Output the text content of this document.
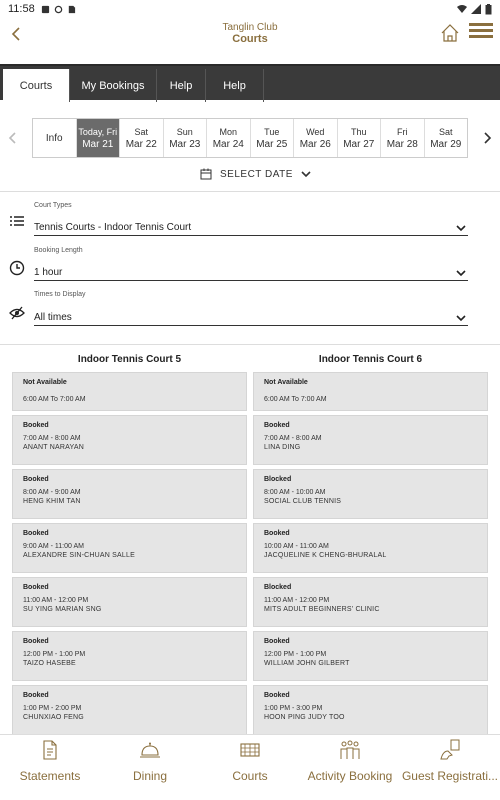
11:58
Tanglin Club
Courts
Courts	My Bookings	Help	Help
Info
Today, Fri
Mar 21
Sat
Mar 22
Sun
Mar 23
Mon
Mar 24
Tue
Mar 25
Wed
Mar 26
Thu
Mar 27
Fri
Mar 28
Sat
Mar 29
SELECT DATE
Court Types
Tennis Courts - Indoor Tennis Court
Booking Length
1 hour
Times to Display
All times
Indoor Tennis Court 5	Indoor Tennis Court 6
Not Available
6:00 AM To 7:00 AM
Booked
7:00 AM - 8:00 AM
ANANT NARAYAN
Booked
8:00 AM - 9:00 AM
HENG KHIM TAN
Booked
9:00 AM - 11:00 AM
ALEXANDRE SIN-CHUAN SALLE
Booked
11:00 AM - 12:00 PM
SU YING MARIAN SNG
Booked
12:00 PM - 1:00 PM
TAIZO HASEBE
Booked
1:00 PM - 2:00 PM
CHUNXIAO FENG
Not Available
6:00 AM To 7:00 AM
Booked
7:00 AM - 8:00 AM
LINA DING
Blocked
8:00 AM - 10:00 AM
SOCIAL CLUB TENNIS
Booked
10:00 AM - 11:00 AM
JACQUELINE K CHENG-BHURALAL
Blocked
11:00 AM - 12:00 PM
MITS ADULT BEGINNERS' CLINIC
Booked
12:00 PM - 1:00 PM
WILLIAM JOHN GILBERT
Booked
1:00 PM - 3:00 PM
HOON PING JUDY TOO
Statements	Dining	Courts	Activity Booking Guest Registrati...
